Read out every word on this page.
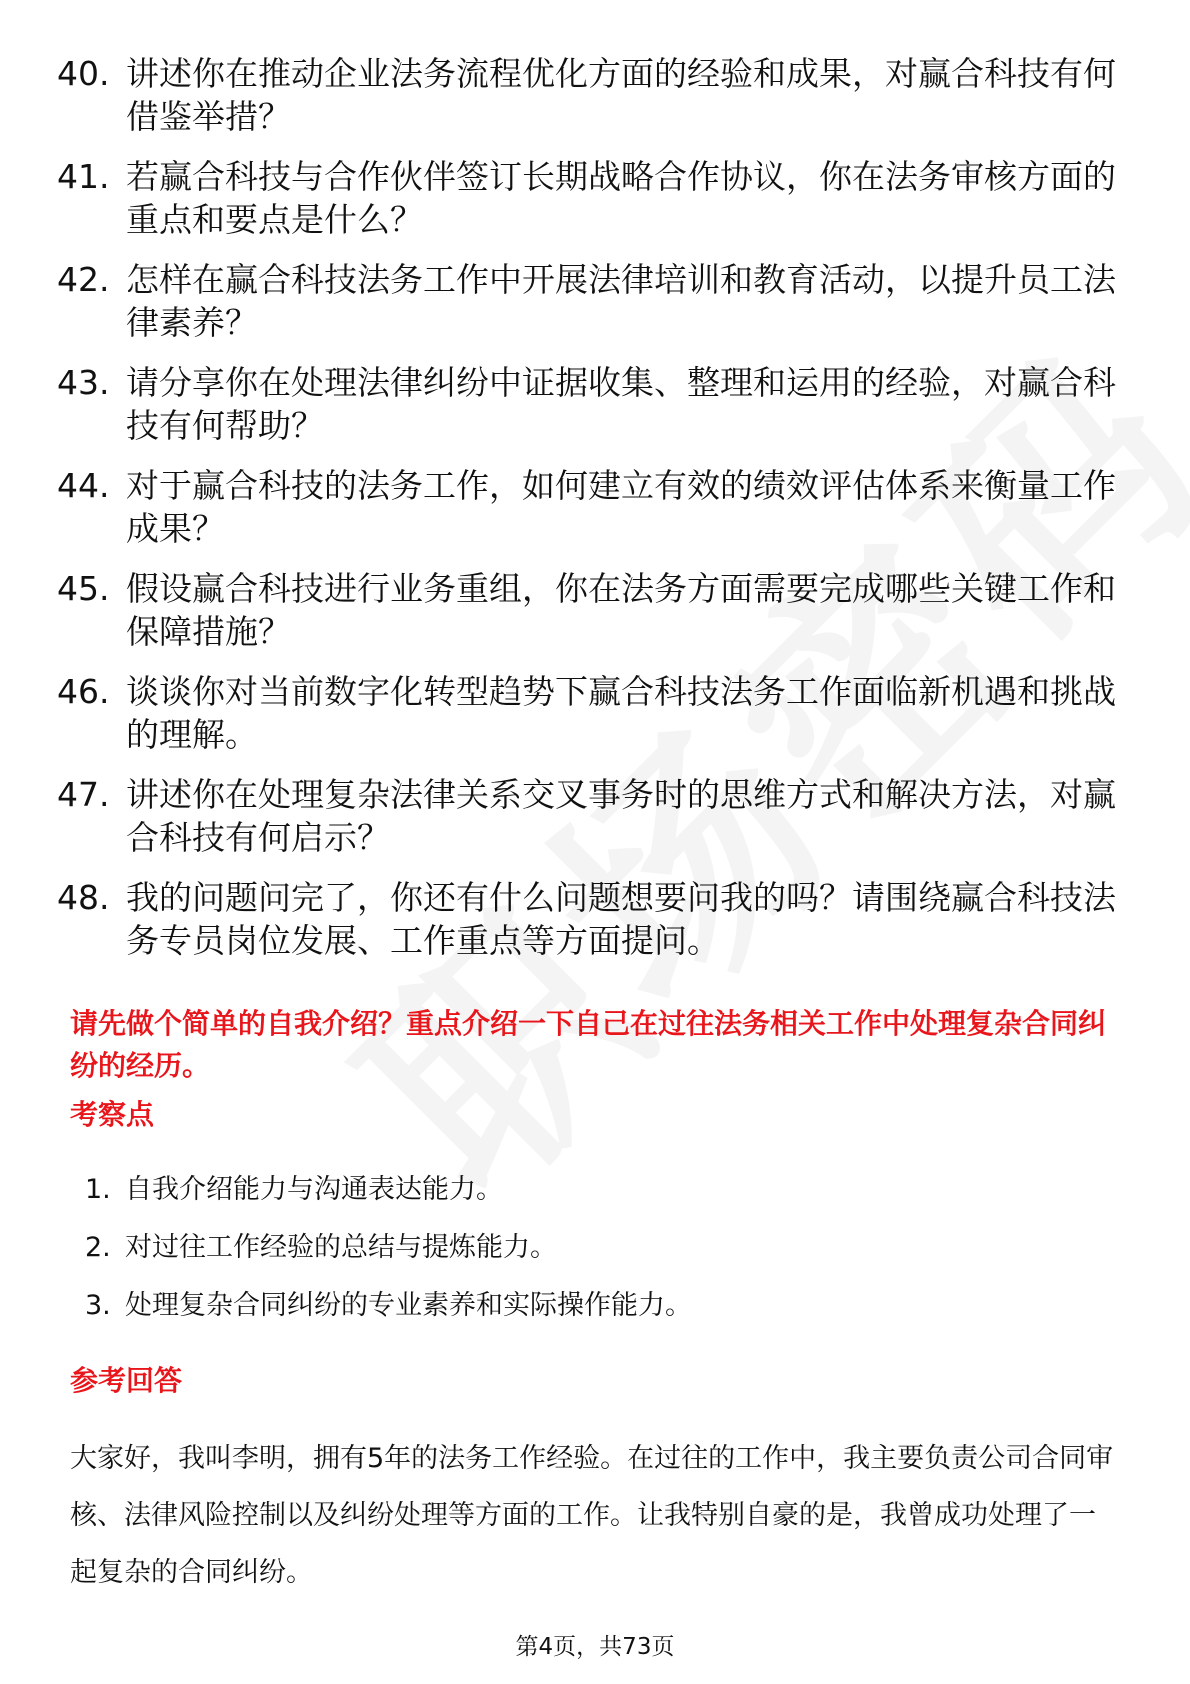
40. 讲述你在推动企业法务流程优化方面的经验和成果，对赢合科技有何借鉴举措？
41. 若赢合科技与合作伙伴签订长期战略合作协议，你在法务审核方面的重点和要点是什么？
42. 怎样在赢合科技法务工作中开展法律培训和教育活动，以提升员工法律素养？
43. 请分享你在处理法律纠纷中证据收集、整理和运用的经验，对赢合科技有何帮助？
44. 对于赢合科技的法务工作，如何建立有效的绩效评估体系来衡量工作成果？
45. 假设赢合科技进行业务重组，你在法务方面需要完成哪些关键工作和保障措施？
46. 谈谈你对当前数字化转型趋势下赢合科技法务工作面临新机遇和挑战的理解。
47. 讲述你在处理复杂法律关系交叉事务时的思维方式和解决方法，对赢合科技有何启示？
48. 我的问题问完了，你还有什么问题想要问我的吗？请围绕赢合科技法务专员岗位发展、工作重点等方面提问。

请先做个简单的自我介绍？重点介绍一下自己在过往法务相关工作中处理复杂合同纠纷的经历。

考察点
1. 自我介绍能力与沟通表达能力。
2. 对过往工作经验的总结与提炼能力。
3. 处理复杂合同纠纷的专业素养和实际操作能力。
参考回答

大家好，我叫李明，拥有5年的法务工作经验。在过往的工作中，我主要负责公司合同审核、法律风险控制以及纠纷处理等方面的工作。让我特别自豪的是，我曾成功处理了一起复杂的合同纠纷。

第4页，共73页
